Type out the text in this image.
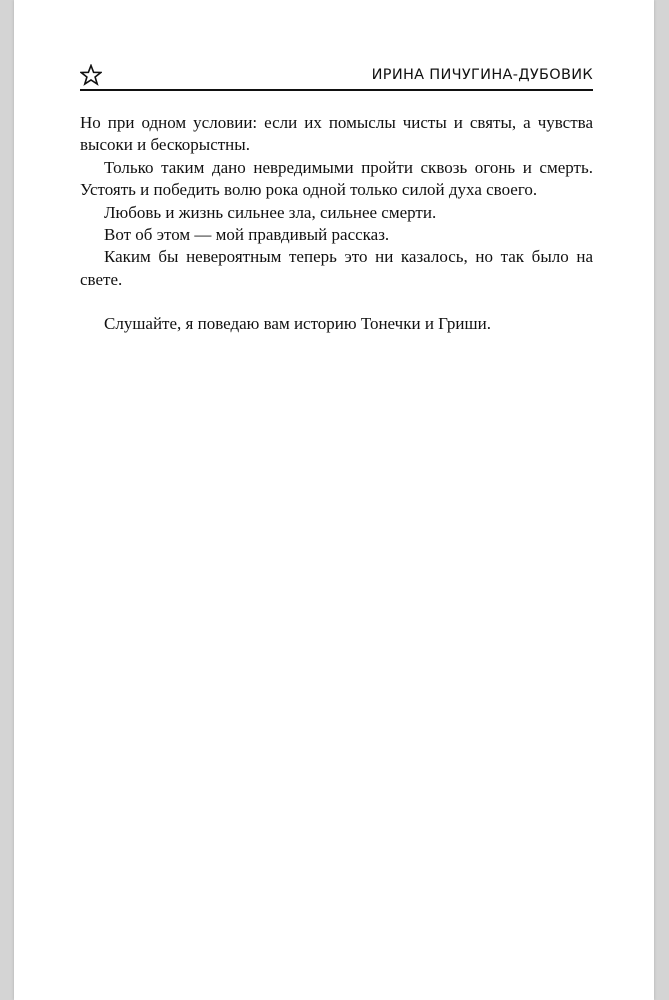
ИРИНА ПИЧУГИНА-ДУБОВИК

Но при одном условии: если их помыслы чисты и святы, а чувства высоки и бескорыстны.

Только таким дано невредимыми пройти сквозь огонь и смерть. Устоять и победить волю рока одной только силой духа своего.

Любовь и жизнь сильнее зла, сильнее смерти.

Вот об этом — мой правдивый рассказ.

Каким бы невероятным теперь это ни казалось, но так было на свете.

Слушайте, я поведаю вам историю Тонечки и Гриши.
